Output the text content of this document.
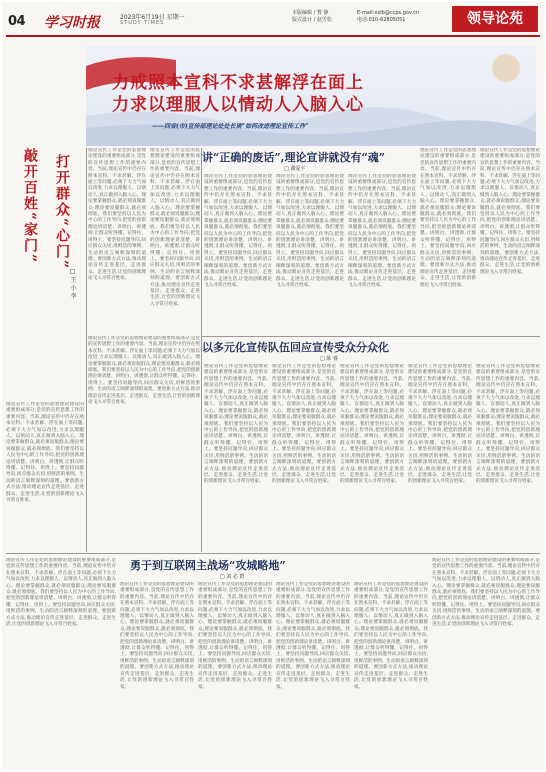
04 学习时报	2023年6月19日 星期一
STUDY TIMES
本版编辑 / 曹 静
版式设计 / 赵雪松
E-mail:xxlb@ccps.gov.cn
电话:010-62805051	领导论苑
力戒照本宣科不求甚解浮在面上
力求以理服人以情动人入脑入心
——四省(市)宣传部理论处处长谈“如何改进理论宣传工作”
打开群众“心门”
敲开百姓“家门”
□ 王 小 李
理论宣传工作是党的思想理论建设的重要组成部分,是党的宣传思想工作的重要内容。当前,理论宣传中仍存在照本宣科、不求甚解、浮在面上等问题,必须下大力气加以改进,力求以理服人、以情动人,真正做到入脑入心。理论要掌握群众,就必须说服群众;理论要说服群众,就必须彻底。我们要坚持以人民为中心的工作导向,把党的创新理论讲清楚、讲明白、讲透彻,让群众听得懂、记得住、用得上。要坚持问题导向,回应群众关切,用鲜活的事例、生动的语言阐释深刻的道理。要创新方式方法,推动理论宣传走进基层、走进群众、走进生活,让党的创新理论飞入寻常百姓家。
理论宣传工作是党的思想理论建设的重要组成部分,是党的宣传思想工作的重要内容。当前,理论宣传中仍存在照本宣科、不求甚解、浮在面上等问题,必须下大力气加以改进,力求以理服人、以情动人,真正做到入脑入心。理论要掌握群众,就必须说服群众;理论要说服群众,就必须彻底。我们要坚持以人民为中心的工作导向,把党的创新理论讲清楚、讲明白、讲透彻,让群众听得懂、记得住、用得上。要坚持问题导向,回应群众关切,用鲜活的事例、生动的语言阐释深刻的道理。要创新方式方法,推动理论宣传走进基层、走进群众、走进生活,让党的创新理论飞入寻常百姓家。
理论宣传工作是党的思想理论建设的重要组成部分,是党的宣传思想工作的重要内容。当前,理论宣传中仍存在照本宣科、不求甚解、浮在面上等问题,必须下大力气加以改进,力求以理服人、以情动人,真正做到入脑入心。理论要掌握群众,就必须说服群众;理论要说服群众,就必须彻底。我们要坚持以人民为中心的工作导向,把党的创新理论讲清楚、讲明白、讲透彻,让群众听得懂、记得住、用得上。要坚持问题导向,回应群众关切,用鲜活的事例、生动的语言阐释深刻的道理。要创新方式方法,推动理论宣传走进基层、走进群众、走进生活,让党的创新理论飞入寻常百姓家。
理论宣传工作是党的思想理论建设的重要组成部分,是党的宣传思想工作的重要内容。当前,理论宣传中仍存在照本宣科、不求甚解、浮在面上等问题,必须下大力气加以改进,力求以理服人、以情动人,真正做到入脑入心。理论要掌握群众,就必须说服群众;理论要说服群众,就必须彻底。我们要坚持以人民为中心的工作导向,把党的创新理论讲清楚、讲明白、讲透彻,让群众听得懂、记得住、用得上。要坚持问题导向,回应群众关切,用鲜活的事例、生动的语言阐释深刻的道理。要创新方式方法,推动理论宣传走进基层、走进群众、走进生活,让党的创新理论飞入寻常百姓家。
讲“正确的废话”,理论宣讲就没有“魂”
□ 谢爱平
理论宣传工作是党的思想理论建设的重要组成部分,是党的宣传思想工作的重要内容。当前,理论宣传中仍存在照本宣科、不求甚解、浮在面上等问题,必须下大力气加以改进,力求以理服人、以情动人,真正做到入脑入心。理论要掌握群众,就必须说服群众;理论要说服群众,就必须彻底。我们要坚持以人民为中心的工作导向,把党的创新理论讲清楚、讲明白、讲透彻,让群众听得懂、记得住、用得上。要坚持问题导向,回应群众关切,用鲜活的事例、生动的语言阐释深刻的道理。要创新方式方法,推动理论宣传走进基层、走进群众、走进生活,让党的创新理论飞入寻常百姓家。
理论宣传工作是党的思想理论建设的重要组成部分,是党的宣传思想工作的重要内容。当前,理论宣传中仍存在照本宣科、不求甚解、浮在面上等问题,必须下大力气加以改进,力求以理服人、以情动人,真正做到入脑入心。理论要掌握群众,就必须说服群众;理论要说服群众,就必须彻底。我们要坚持以人民为中心的工作导向,把党的创新理论讲清楚、讲明白、讲透彻,让群众听得懂、记得住、用得上。要坚持问题导向,回应群众关切,用鲜活的事例、生动的语言阐释深刻的道理。要创新方式方法,推动理论宣传走进基层、走进群众、走进生活,让党的创新理论飞入寻常百姓家。
理论宣传工作是党的思想理论建设的重要组成部分,是党的宣传思想工作的重要内容。当前,理论宣传中仍存在照本宣科、不求甚解、浮在面上等问题,必须下大力气加以改进,力求以理服人、以情动人,真正做到入脑入心。理论要掌握群众,就必须说服群众;理论要说服群众,就必须彻底。我们要坚持以人民为中心的工作导向,把党的创新理论讲清楚、讲明白、讲透彻,让群众听得懂、记得住、用得上。要坚持问题导向,回应群众关切,用鲜活的事例、生动的语言阐释深刻的道理。要创新方式方法,推动理论宣传走进基层、走进群众、走进生活,让党的创新理论飞入寻常百姓家。
理论宣传工作是党的思想理论建设的重要组成部分,是党的宣传思想工作的重要内容。当前,理论宣传中仍存在照本宣科、不求甚解、浮在面上等问题,必须下大力气加以改进,力求以理服人、以情动人,真正做到入脑入心。理论要掌握群众,就必须说服群众;理论要说服群众,就必须彻底。我们要坚持以人民为中心的工作导向,把党的创新理论讲清楚、讲明白、讲透彻,让群众听得懂、记得住、用得上。要坚持问题导向,回应群众关切,用鲜活的事例、生动的语言阐释深刻的道理。要创新方式方法,推动理论宣传走进基层、走进群众、走进生活,让党的创新理论飞入寻常百姓家。
理论宣传工作是党的思想理论建设的重要组成部分,是党的宣传思想工作的重要内容。当前,理论宣传中仍存在照本宣科、不求甚解、浮在面上等问题,必须下大力气加以改进,力求以理服人、以情动人,真正做到入脑入心。理论要掌握群众,就必须说服群众;理论要说服群众,就必须彻底。我们要坚持以人民为中心的工作导向,把党的创新理论讲清楚、讲明白、讲透彻,让群众听得懂、记得住、用得上。要坚持问题导向,回应群众关切,用鲜活的事例、生动的语言阐释深刻的道理。要创新方式方法,推动理论宣传走进基层、走进群众、走进生活,让党的创新理论飞入寻常百姓家。
以多元化宣传队伍回应宣传受众分众化
□ 陈 睿
理论宣传工作是党的思想理论建设的重要组成部分,是党的宣传思想工作的重要内容。当前,理论宣传中仍存在照本宣科、不求甚解、浮在面上等问题,必须下大力气加以改进,力求以理服人、以情动人,真正做到入脑入心。理论要掌握群众,就必须说服群众;理论要说服群众,就必须彻底。我们要坚持以人民为中心的工作导向,把党的创新理论讲清楚、讲明白、讲透彻,让群众听得懂、记得住、用得上。要坚持问题导向,回应群众关切,用鲜活的事例、生动的语言阐释深刻的道理。要创新方式方法,推动理论宣传走进基层、走进群众、走进生活,让党的创新理论飞入寻常百姓家。
理论宣传工作是党的思想理论建设的重要组成部分,是党的宣传思想工作的重要内容。当前,理论宣传中仍存在照本宣科、不求甚解、浮在面上等问题,必须下大力气加以改进,力求以理服人、以情动人,真正做到入脑入心。理论要掌握群众,就必须说服群众;理论要说服群众,就必须彻底。我们要坚持以人民为中心的工作导向,把党的创新理论讲清楚、讲明白、讲透彻,让群众听得懂、记得住、用得上。要坚持问题导向,回应群众关切,用鲜活的事例、生动的语言阐释深刻的道理。要创新方式方法,推动理论宣传走进基层、走进群众、走进生活,让党的创新理论飞入寻常百姓家。
理论宣传工作是党的思想理论建设的重要组成部分,是党的宣传思想工作的重要内容。当前,理论宣传中仍存在照本宣科、不求甚解、浮在面上等问题,必须下大力气加以改进,力求以理服人、以情动人,真正做到入脑入心。理论要掌握群众,就必须说服群众;理论要说服群众,就必须彻底。我们要坚持以人民为中心的工作导向,把党的创新理论讲清楚、讲明白、讲透彻,让群众听得懂、记得住、用得上。要坚持问题导向,回应群众关切,用鲜活的事例、生动的语言阐释深刻的道理。要创新方式方法,推动理论宣传走进基层、走进群众、走进生活,让党的创新理论飞入寻常百姓家。
理论宣传工作是党的思想理论建设的重要组成部分,是党的宣传思想工作的重要内容。当前,理论宣传中仍存在照本宣科、不求甚解、浮在面上等问题,必须下大力气加以改进,力求以理服人、以情动人,真正做到入脑入心。理论要掌握群众,就必须说服群众;理论要说服群众,就必须彻底。我们要坚持以人民为中心的工作导向,把党的创新理论讲清楚、讲明白、讲透彻,让群众听得懂、记得住、用得上。要坚持问题导向,回应群众关切,用鲜活的事例、生动的语言阐释深刻的道理。要创新方式方法,推动理论宣传走进基层、走进群众、走进生活,让党的创新理论飞入寻常百姓家。
理论宣传工作是党的思想理论建设的重要组成部分,是党的宣传思想工作的重要内容。当前,理论宣传中仍存在照本宣科、不求甚解、浮在面上等问题,必须下大力气加以改进,力求以理服人、以情动人,真正做到入脑入心。理论要掌握群众,就必须说服群众;理论要说服群众,就必须彻底。我们要坚持以人民为中心的工作导向,把党的创新理论讲清楚、讲明白、讲透彻,让群众听得懂、记得住、用得上。要坚持问题导向,回应群众关切,用鲜活的事例、生动的语言阐释深刻的道理。要创新方式方法,推动理论宣传走进基层、走进群众、走进生活,让党的创新理论飞入寻常百姓家。
勇于到互联网主战场“攻城略地”
□ 刘 必 群
理论宣传工作是党的思想理论建设的重要组成部分,是党的宣传思想工作的重要内容。当前,理论宣传中仍存在照本宣科、不求甚解、浮在面上等问题,必须下大力气加以改进,力求以理服人、以情动人,真正做到入脑入心。理论要掌握群众,就必须说服群众;理论要说服群众,就必须彻底。我们要坚持以人民为中心的工作导向,把党的创新理论讲清楚、讲明白、讲透彻,让群众听得懂、记得住、用得上。要坚持问题导向,回应群众关切,用鲜活的事例、生动的语言阐释深刻的道理。要创新方式方法,推动理论宣传走进基层、走进群众、走进生活,让党的创新理论飞入寻常百姓家。
理论宣传工作是党的思想理论建设的重要组成部分,是党的宣传思想工作的重要内容。当前,理论宣传中仍存在照本宣科、不求甚解、浮在面上等问题,必须下大力气加以改进,力求以理服人、以情动人,真正做到入脑入心。理论要掌握群众,就必须说服群众;理论要说服群众,就必须彻底。我们要坚持以人民为中心的工作导向,把党的创新理论讲清楚、讲明白、讲透彻,让群众听得懂、记得住、用得上。要坚持问题导向,回应群众关切,用鲜活的事例、生动的语言阐释深刻的道理。要创新方式方法,推动理论宣传走进基层、走进群众、走进生活,让党的创新理论飞入寻常百姓家。
理论宣传工作是党的思想理论建设的重要组成部分,是党的宣传思想工作的重要内容。当前,理论宣传中仍存在照本宣科、不求甚解、浮在面上等问题,必须下大力气加以改进,力求以理服人、以情动人,真正做到入脑入心。理论要掌握群众,就必须说服群众;理论要说服群众,就必须彻底。我们要坚持以人民为中心的工作导向,把党的创新理论讲清楚、讲明白、讲透彻,让群众听得懂、记得住、用得上。要坚持问题导向,回应群众关切,用鲜活的事例、生动的语言阐释深刻的道理。要创新方式方法,推动理论宣传走进基层、走进群众、走进生活,让党的创新理论飞入寻常百姓家。
理论宣传工作是党的思想理论建设的重要组成部分,是党的宣传思想工作的重要内容。当前,理论宣传中仍存在照本宣科、不求甚解、浮在面上等问题,必须下大力气加以改进,力求以理服人、以情动人,真正做到入脑入心。理论要掌握群众,就必须说服群众;理论要说服群众,就必须彻底。我们要坚持以人民为中心的工作导向,把党的创新理论讲清楚、讲明白、讲透彻,让群众听得懂、记得住、用得上。要坚持问题导向,回应群众关切,用鲜活的事例、生动的语言阐释深刻的道理。要创新方式方法,推动理论宣传走进基层、走进群众、走进生活,让党的创新理论飞入寻常百姓家。
理论宣传工作是党的思想理论建设的重要组成部分,是党的宣传思想工作的重要内容。当前,理论宣传中仍存在照本宣科、不求甚解、浮在面上等问题,必须下大力气加以改进,力求以理服人、以情动人,真正做到入脑入心。理论要掌握群众,就必须说服群众;理论要说服群众,就必须彻底。我们要坚持以人民为中心的工作导向,把党的创新理论讲清楚、讲明白、讲透彻,让群众听得懂、记得住、用得上。要坚持问题导向,回应群众关切,用鲜活的事例、生动的语言阐释深刻的道理。要创新方式方法,推动理论宣传走进基层、走进群众、走进生活,让党的创新理论飞入寻常百姓家。
理论宣传工作是党的思想理论建设的重要组成部分,是党的宣传思想工作的重要内容。当前,理论宣传中仍存在照本宣科、不求甚解、浮在面上等问题,必须下大力气加以改进,力求以理服人、以情动人,真正做到入脑入心。理论要掌握群众,就必须说服群众;理论要说服群众,就必须彻底。我们要坚持以人民为中心的工作导向,把党的创新理论讲清楚、讲明白、讲透彻,让群众听得懂、记得住、用得上。要坚持问题导向,回应群众关切,用鲜活的事例、生动的语言阐释深刻的道理。要创新方式方法,推动理论宣传走进基层、走进群众、走进生活,让党的创新理论飞入寻常百姓家。
